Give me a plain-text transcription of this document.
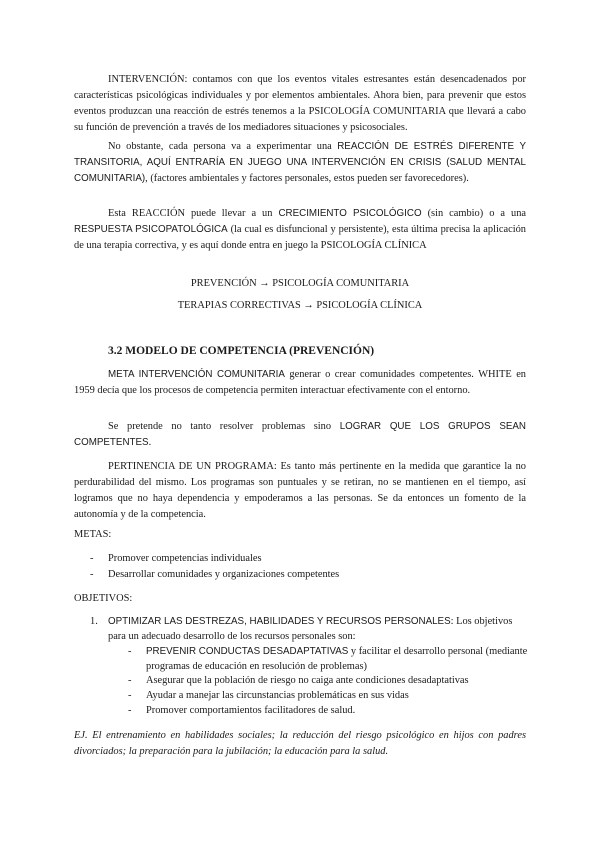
INTERVENCIÓN: contamos con que los eventos vitales estresantes están desencadenados por características psicológicas individuales y por elementos ambientales. Ahora bien, para prevenir que estos eventos produzcan una reacción de estrés tenemos a la PSICOLOGÍA COMUNITARIA que llevará a cabo su función de prevención a través de los mediadores situaciones y psicosociales.

No obstante, cada persona va a experimentar una REACCIÓN DE ESTRÉS DIFERENTE Y TRANSITORIA, AQUÍ ENTRARÍA EN JUEGO UNA INTERVENCIÓN EN CRISIS (SALUD MENTAL COMUNITARIA), (factores ambientales y factores personales, estos pueden ser favorecedores).

Esta REACCIÓN puede llevar a un CRECIMIENTO PSICOLÓGICO (sin cambio) o a una RESPUESTA PSICOPATOLÓGICA (la cual es disfuncional y persistente), esta última precisa la aplicación de una terapia correctiva, y es aquí donde entra en juego la PSICOLOGÍA CLÍNICA

PREVENCIÓN → PSICOLOGÍA COMUNITARIA

TERAPIAS CORRECTIVAS → PSICOLOGÍA CLÍNICA

3.2 MODELO DE COMPETENCIA (PREVENCIÓN)

META INTERVENCIÓN COMUNITARIA generar o crear comunidades competentes. WHITE en 1959 decía que los procesos de competencia permiten interactuar efectivamente con el entorno.

Se pretende no tanto resolver problemas sino LOGRAR QUE LOS GRUPOS SEAN COMPETENTES.

PERTINENCIA DE UN PROGRAMA: Es tanto más pertinente en la medida que garantice la no perdurabilidad del mismo. Los programas son puntuales y se retiran, no se mantienen en el tiempo, así logramos que no haya dependencia y empoderamos a las personas. Se da entonces un fomento de la autonomía y de la competencia.

METAS:

- Promover competencias individuales

- Desarrollar comunidades y organizaciones competentes

OBJETIVOS:

1. OPTIMIZAR LAS DESTREZAS, HABILIDADES Y RECURSOS PERSONALES: Los objetivos para un adecuado desarrollo de los recursos personales son:

- PREVENIR CONDUCTAS DESADAPTATIVAS y facilitar el desarrollo personal (mediante programas de educación en resolución de problemas)

- Asegurar que la población de riesgo no caiga ante condiciones desadaptativas

- Ayudar a manejar las circunstancias problemáticas en sus vidas

- Promover comportamientos facilitadores de salud.

EJ. El entrenamiento en habilidades sociales; la reducción del riesgo psicológico en hijos con padres divorciados; la preparación para la jubilación; la educación para la salud.
